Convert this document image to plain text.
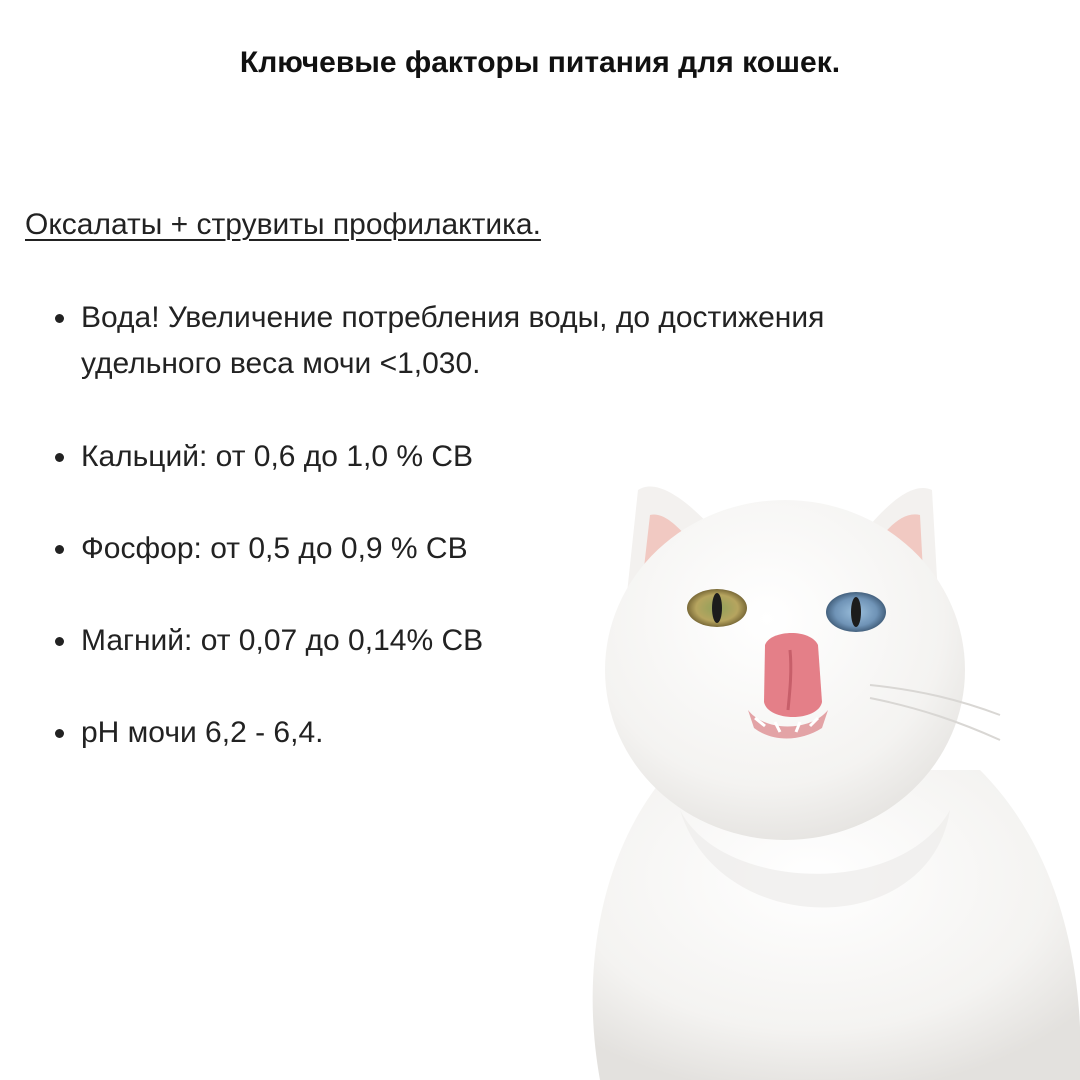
Ключевые факторы питания для кошек.
Оксалаты + струвиты профилактика.
Вода! Увеличение потребления воды, до достижения удельного веса мочи <1,030.
Кальций: от 0,6 до 1,0 % СВ
Фосфор: от 0,5 до 0,9 % СВ
Магний: от 0,07 до 0,14% СВ
pH мочи 6,2 - 6,4.
